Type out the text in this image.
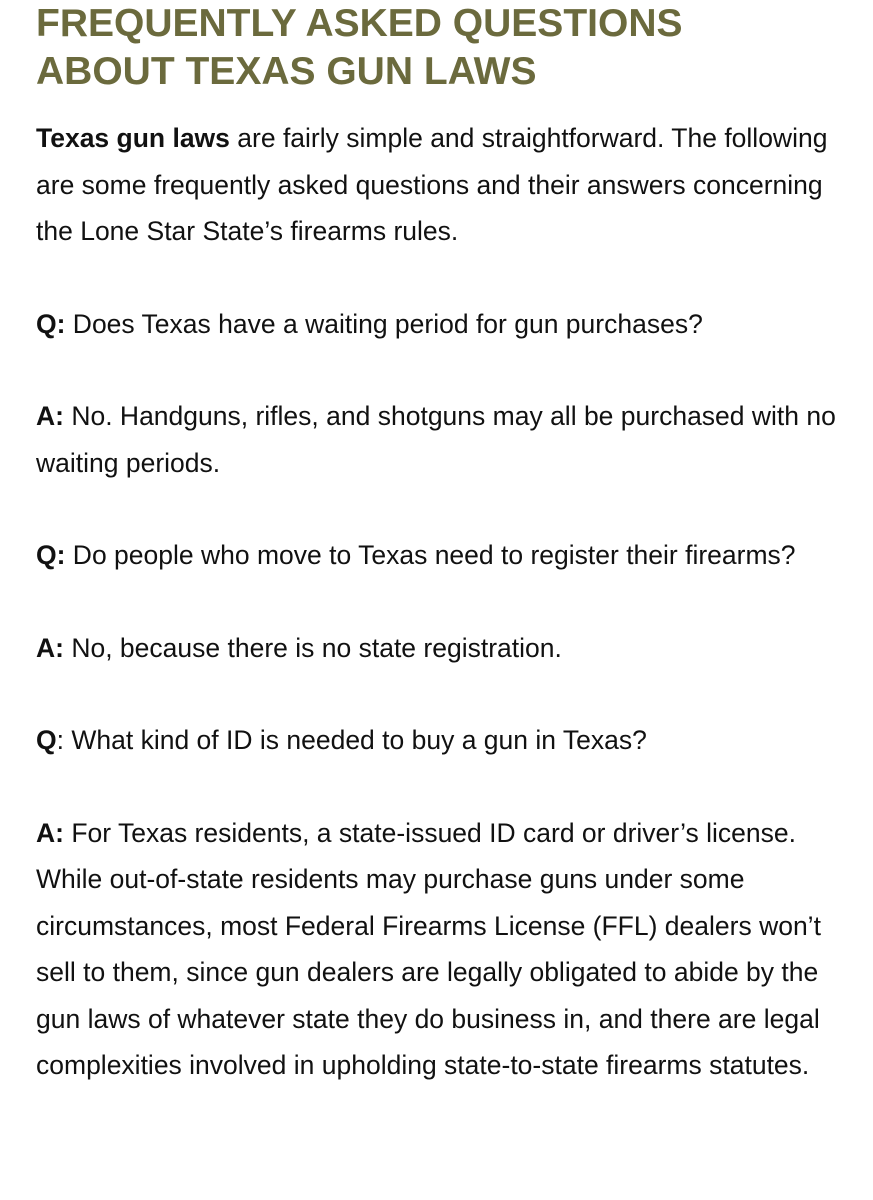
FREQUENTLY ASKED QUESTIONS
ABOUT TEXAS GUN LAWS

Texas gun laws are fairly simple and straightforward. The following are some frequently asked questions and their answers concerning the Lone Star State’s firearms rules.

Q: Does Texas have a waiting period for gun purchases?

A: No. Handguns, rifles, and shotguns may all be purchased with no waiting periods.

Q: Do people who move to Texas need to register their firearms?

A: No, because there is no state registration.

Q: What kind of ID is needed to buy a gun in Texas?

A: For Texas residents, a state-issued ID card or driver’s license. While out-of-state residents may purchase guns under some circumstances, most Federal Firearms License (FFL) dealers won’t sell to them, since gun dealers are legally obligated to abide by the gun laws of whatever state they do business in, and there are legal complexities involved in upholding state-to-state firearms statutes.
